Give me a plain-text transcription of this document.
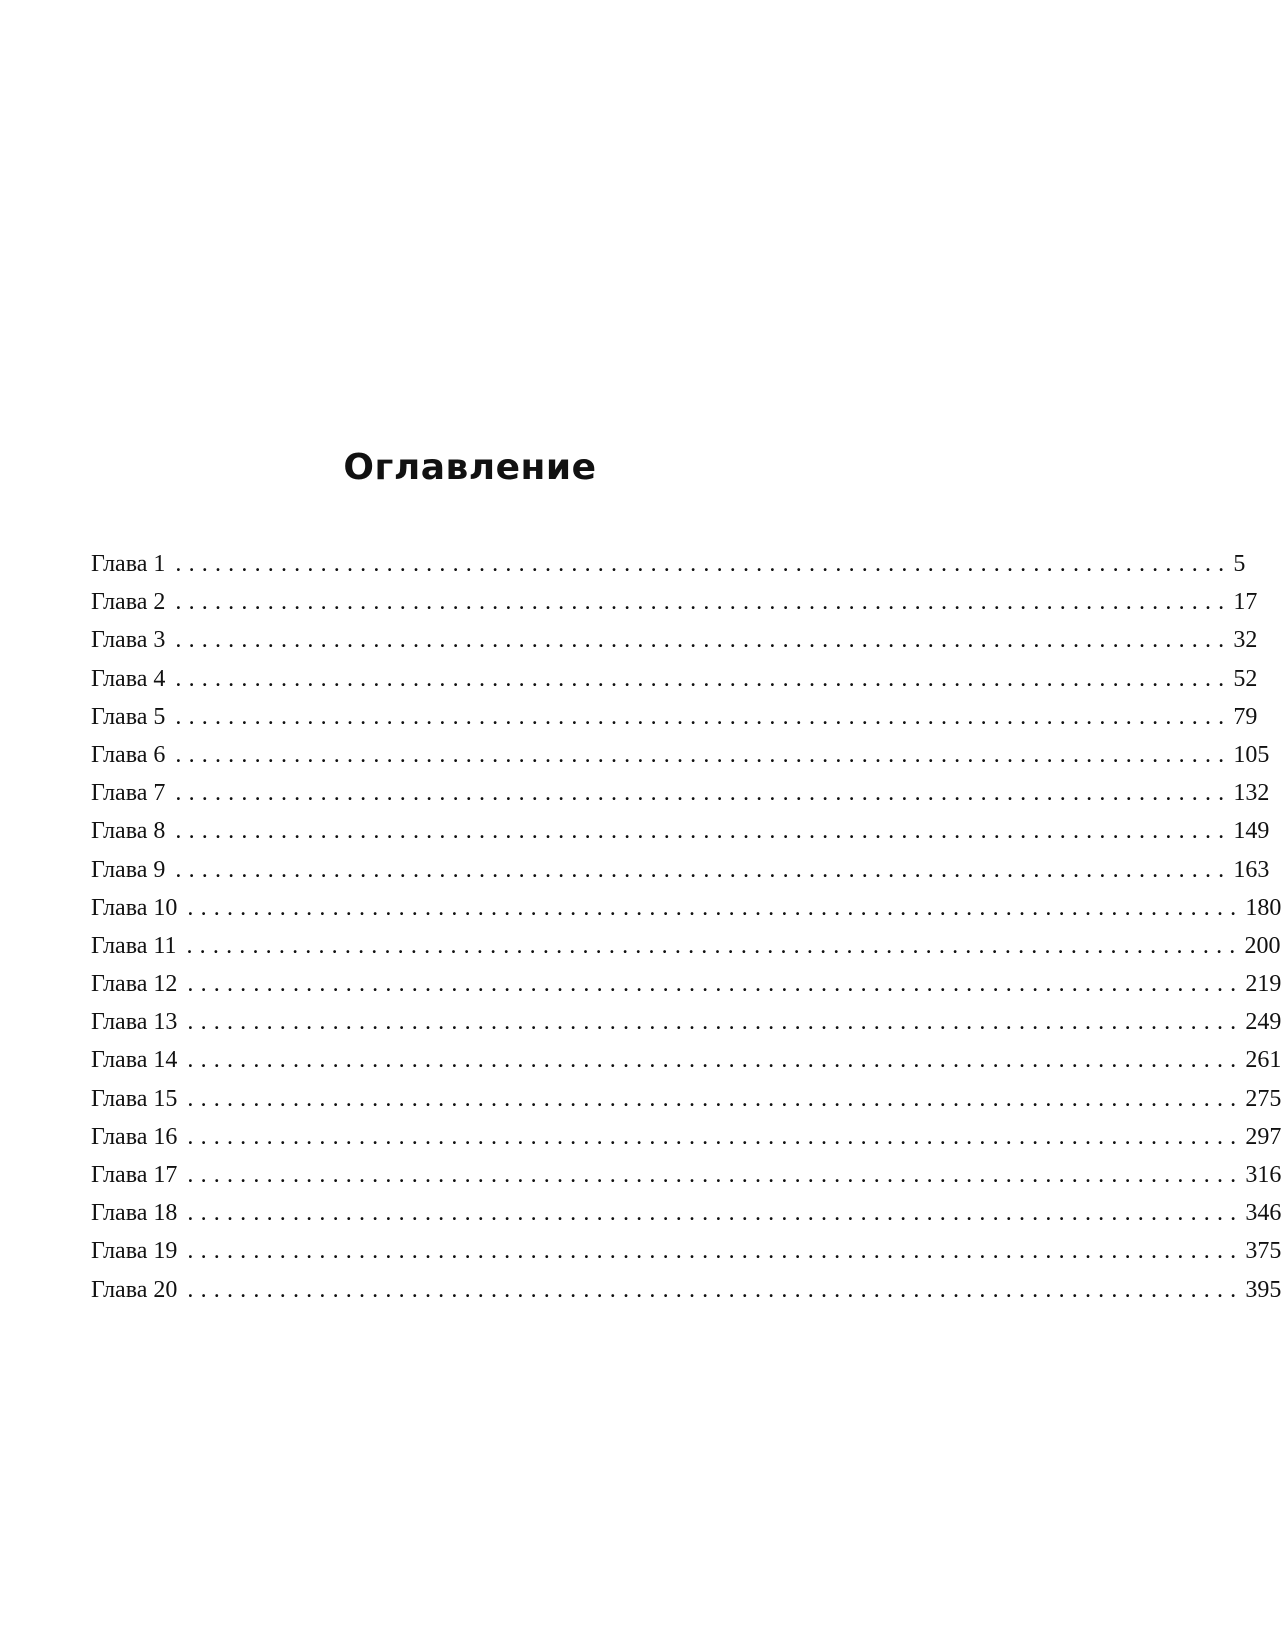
Оглавление
Глава 1 ................................................................................ 5
Глава 2 ................................................................................ 17
Глава 3 ................................................................................ 32
Глава 4 ................................................................................ 52
Глава 5 ................................................................................ 79
Глава 6 ................................................................................ 105
Глава 7 ................................................................................ 132
Глава 8 ................................................................................ 149
Глава 9 ................................................................................ 163
Глава 10 ................................................................................ 180
Глава 11 ................................................................................ 200
Глава 12 ................................................................................ 219
Глава 13 ................................................................................ 249
Глава 14 ................................................................................ 261
Глава 15 ................................................................................ 275
Глава 16 ................................................................................ 297
Глава 17 ................................................................................ 316
Глава 18 ................................................................................ 346
Глава 19 ................................................................................ 375
Глава 20 ................................................................................ 395
